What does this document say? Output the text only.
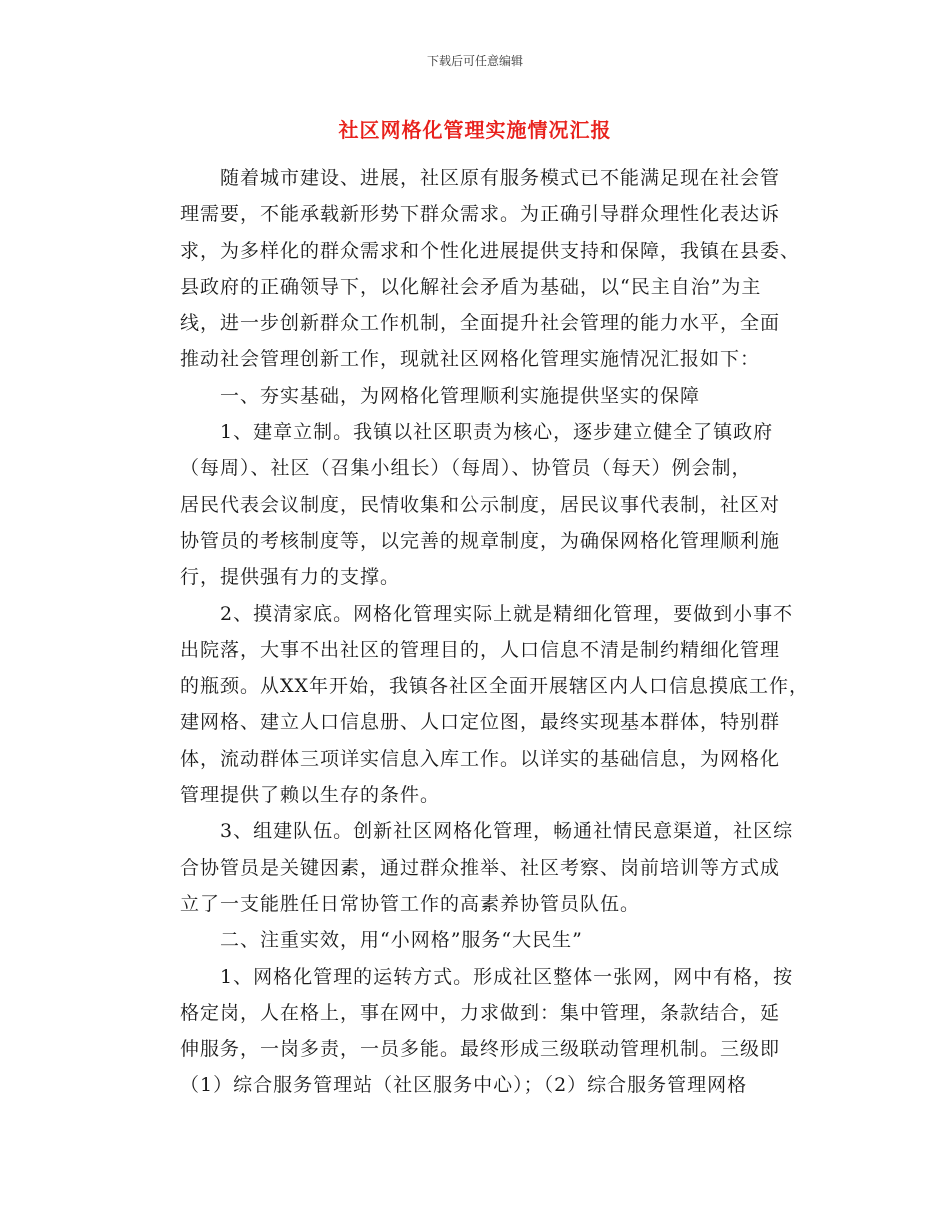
下载后可任意编辑
社区网格化管理实施情况汇报
随着城市建设、进展，社区原有服务模式已不能满足现在社会管
理需要，不能承载新形势下群众需求。为正确引导群众理性化表达诉
求，为多样化的群众需求和个性化进展提供支持和保障，我镇在县委、
县政府的正确领导下，以化解社会矛盾为基础，以“民主自治”为主
线，进一步创新群众工作机制，全面提升社会管理的能力水平，全面
推动社会管理创新工作，现就社区网格化管理实施情况汇报如下：
一、夯实基础，为网格化管理顺利实施提供坚实的保障
1、建章立制。我镇以社区职责为核心，逐步建立健全了镇政府
（每周）、社区（召集小组长）（每周）、协管员（每天）例会制，
居民代表会议制度，民情收集和公示制度，居民议事代表制，社区对
协管员的考核制度等，以完善的规章制度，为确保网格化管理顺利施
行，提供强有力的支撑。
2、摸清家底。网格化管理实际上就是精细化管理，要做到小事不
出院落，大事不出社区的管理目的，人口信息不清是制约精细化管理
的瓶颈。从XX年开始，我镇各社区全面开展辖区内人口信息摸底工作，
建网格、建立人口信息册、人口定位图，最终实现基本群体，特别群
体，流动群体三项详实信息入库工作。以详实的基础信息，为网格化
管理提供了赖以生存的条件。
3、组建队伍。创新社区网格化管理，畅通社情民意渠道，社区综
合协管员是关键因素，通过群众推举、社区考察、岗前培训等方式成
立了一支能胜任日常协管工作的高素养协管员队伍。
二、注重实效，用“小网格”服务“大民生”
1、网格化管理的运转方式。形成社区整体一张网，网中有格，按
格定岗，人在格上，事在网中，力求做到：集中管理，条款结合，延
伸服务，一岗多责，一员多能。最终形成三级联动管理机制。三级即
（1）综合服务管理站（社区服务中心）；（2）综合服务管理网格
